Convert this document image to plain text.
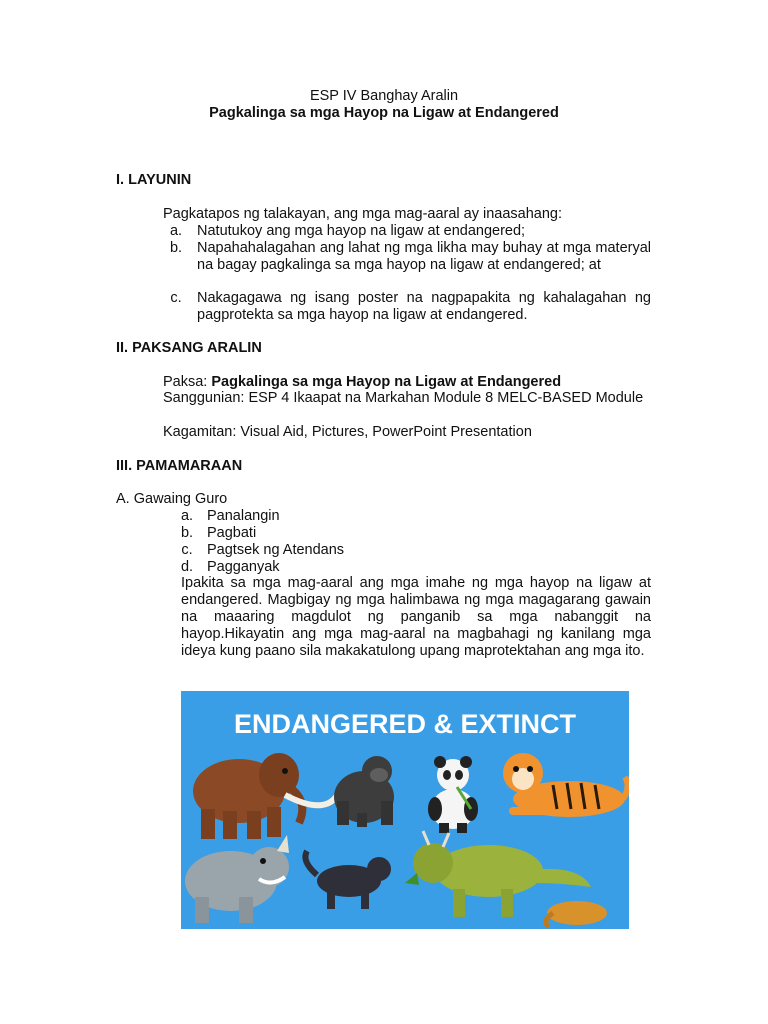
ESP IV Banghay Aralin
Pagkalinga sa mga Hayop na Ligaw at Endangered
I. LAYUNIN
Pagkatapos ng talakayan, ang mga mag-aaral ay inaasahang:
a.	Natutukoy ang mga hayop na ligaw at endangered;
b.	Napahahalagahan ang lahat ng mga likha may buhay at mga materyal na bagay pagkalinga sa mga hayop na ligaw at endangered; at
c.	Nakagagawa ng isang poster na nagpapakita ng kahalagahan ng pagprotekta sa mga hayop na ligaw at endangered.
II. PAKSANG ARALIN
Paksa: Pagkalinga sa mga Hayop na Ligaw at Endangered
Sanggunian: ESP 4 Ikaapat na Markahan Module 8 MELC-BASED Module
Kagamitan: Visual Aid, Pictures, PowerPoint Presentation
III. PAMAMARAAN
A. Gawaing Guro
a. Panalangin
b. Pagbati
c. Pagtsek ng Atendans
d. Pagganyak
Ipakita sa mga mag-aaral ang mga imahe ng mga hayop na ligaw at endangered. Magbigay ng mga halimbawa ng mga magagarang gawain na maaaring magdulot ng panganib sa mga nabanggit na hayop.Hikayatin ang mga mag-aaral na magbahagi ng kanilang mga ideya kung paano sila makakatulong upang maprotektahan ang mga ito.
ENDANGERED & EXTINCT
